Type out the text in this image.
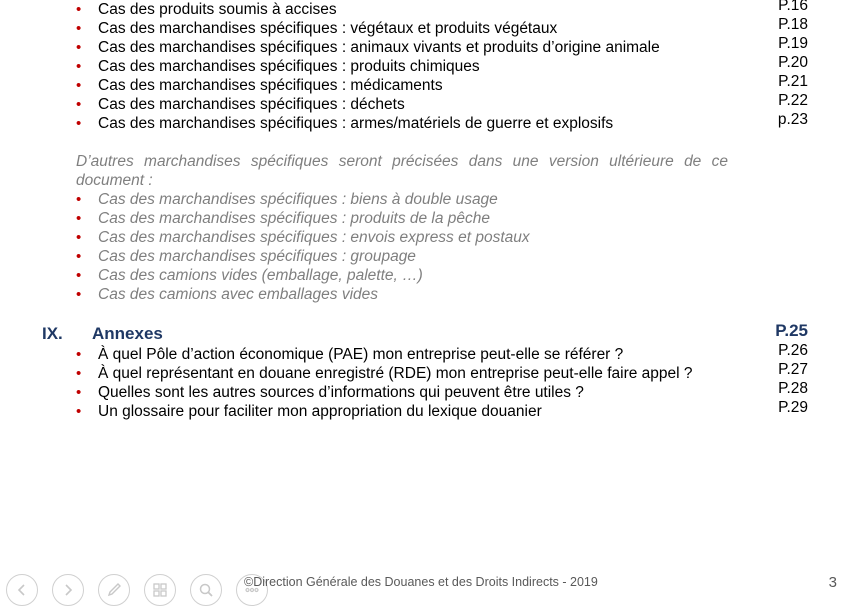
• Cas des produits soumis à accises	P.16
• Cas des marchandises spécifiques : végétaux et produits végétaux	P.18
• Cas des marchandises spécifiques : animaux vivants et produits d’origine animale	P.19
• Cas des marchandises spécifiques : produits chimiques	P.20
• Cas des marchandises spécifiques : médicaments	P.21
• Cas des marchandises spécifiques : déchets	P.22
• Cas des marchandises spécifiques : armes/matériels de guerre et explosifs	p.23
D’autres marchandises spécifiques seront précisées dans une version ultérieure de ce document :
• Cas des marchandises spécifiques : biens à double usage
• Cas des marchandises spécifiques : produits de la pêche
• Cas des marchandises spécifiques : envois express et postaux
• Cas des marchandises spécifiques : groupage
• Cas des camions vides (emballage, palette, …)
• Cas des camions avec emballages vides
IX. Annexes	P.25
• À quel Pôle d’action économique (PAE) mon entreprise peut-elle se référer ?	P.26
• À quel représentant en douane enregistré (RDE) mon entreprise peut-elle faire appel ?	P.27
• Quelles sont les autres sources d’informations qui peuvent être utiles ?	P.28
• Un glossaire pour faciliter mon appropriation du lexique douanier	P.29
©Direction Générale des Douanes et des Droits Indirects - 2019	3
